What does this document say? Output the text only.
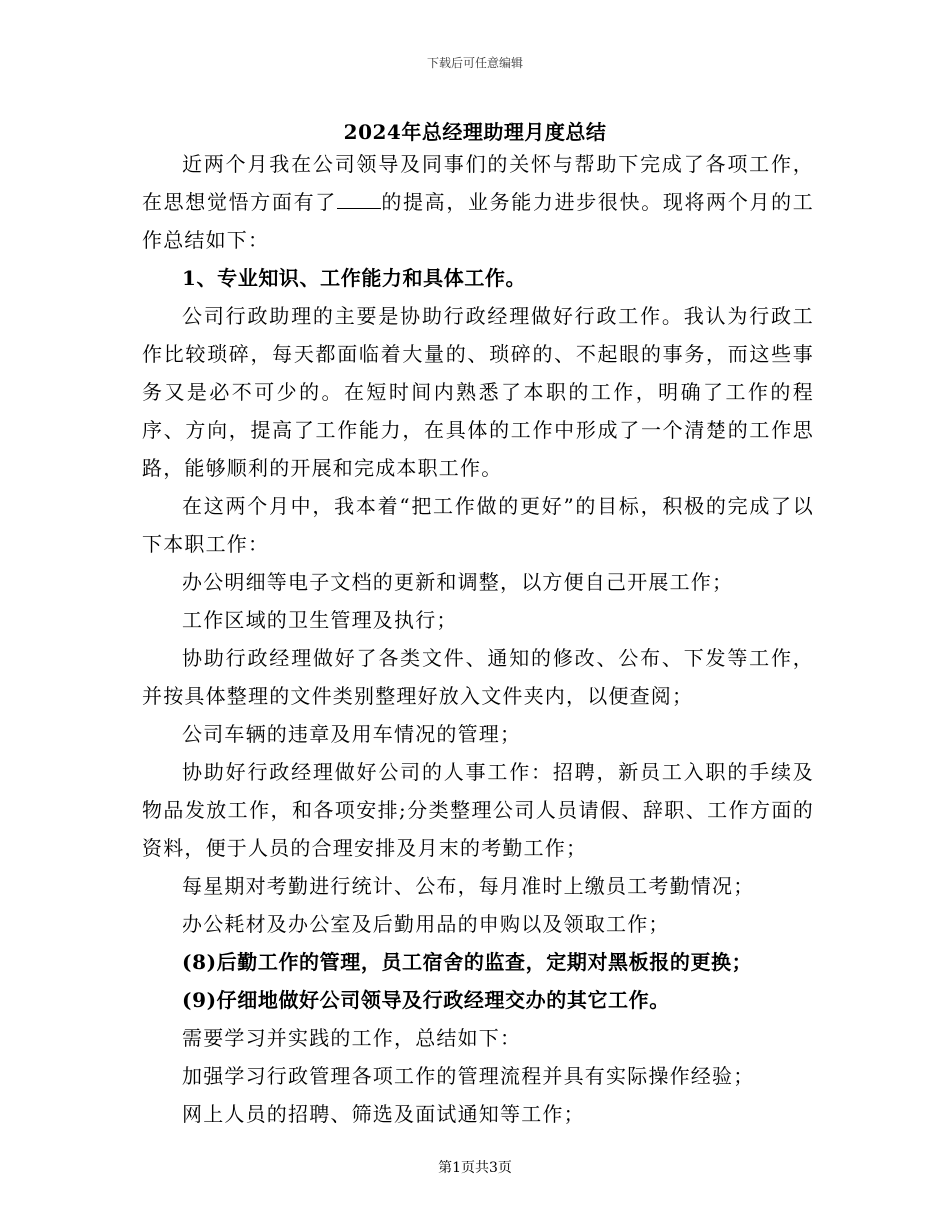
下载后可任意编辑
2024年总经理助理月度总结

近两个月我在公司领导及同事们的关怀与帮助下完成了各项工作，在思想觉悟方面有了 的提高，业务能力进步很快。现将两个月的工作总结如下：

1、专业知识、工作能力和具体工作。

公司行政助理的主要是协助行政经理做好行政工作。我认为行政工作比较琐碎，每天都面临着大量的、琐碎的、不起眼的事务，而这些事务又是必不可少的。在短时间内熟悉了本职的工作，明确了工作的程序、方向，提高了工作能力，在具体的工作中形成了一个清楚的工作思路，能够顺利的开展和完成本职工作。

在这两个月中，我本着“把工作做的更好”的目标，积极的完成了以下本职工作：

办公明细等电子文档的更新和调整，以方便自己开展工作；

工作区域的卫生管理及执行；

协助行政经理做好了各类文件、通知的修改、公布、下发等工作，并按具体整理的文件类别整理好放入文件夹内，以便查阅；

公司车辆的违章及用车情况的管理；

协助好行政经理做好公司的人事工作：招聘，新员工入职的手续及物品发放工作，和各项安排;分类整理公司人员请假、辞职、工作方面的资料，便于人员的合理安排及月末的考勤工作；

每星期对考勤进行统计、公布，每月准时上缴员工考勤情况；

办公耗材及办公室及后勤用品的申购以及领取工作；

(8)后勤工作的管理，员工宿舍的监查，定期对黑板报的更换；

(9)仔细地做好公司领导及行政经理交办的其它工作。

需要学习并实践的工作，总结如下：

加强学习行政管理各项工作的管理流程并具有实际操作经验；

网上人员的招聘、筛选及面试通知等工作；

第1页共3页
